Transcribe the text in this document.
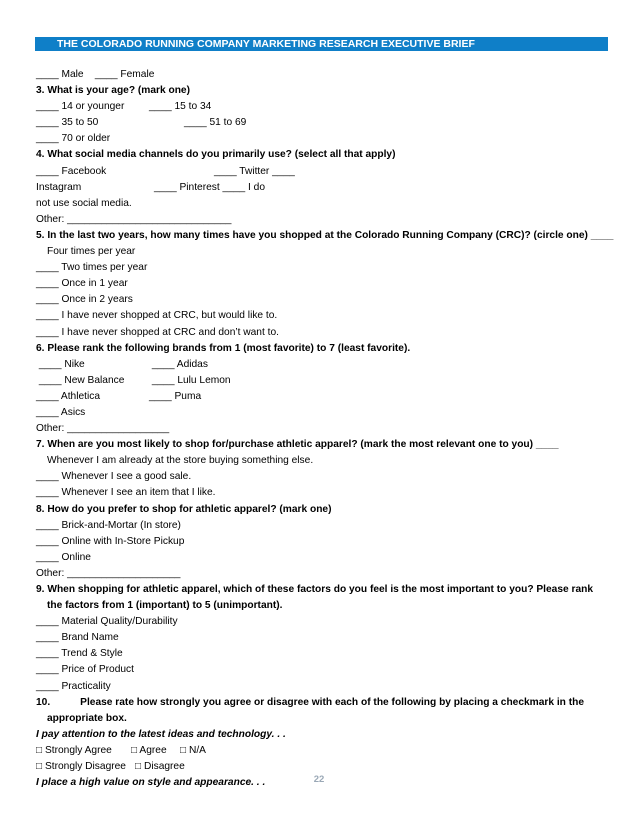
THE COLORADO RUNNING COMPANY MARKETING RESEARCH EXECUTIVE BRIEF
____ Male ____ Female
3. What is your age? (mark one)
____ 14 or younger ____ 15 to 34
____ 35 to 50	____ 51 to 69
____ 70 or older
4. What social media channels do you primarily use? (select all that apply)
____ Facebook	____ Twitter ____
Instagram	____ Pinterest ____ I do
not use social media.
Other: _____________________________
5. In the last two years, how many times have you shopped at the Colorado Running Company (CRC)? (circle one) ____
Four times per year
____ Two times per year
____ Once in 1 year
____ Once in 2 years
____ I have never shopped at CRC, but would like to.
____ I have never shopped at CRC and don’t want to.
6. Please rank the following brands from 1 (most favorite) to 7 (least favorite).
____ Nike	____ Adidas
____ New Balance	____ Lulu Lemon
____ Athletica	____ Puma
____ Asics
Other: __________________
7. When are you most likely to shop for/purchase athletic apparel? (mark the most relevant one to you) ____
Whenever I am already at the store buying something else.
____ Whenever I see a good sale.
____ Whenever I see an item that I like.
8. How do you prefer to shop for athletic apparel? (mark one)
____ Brick-and-Mortar (In store)
____ Online with In-Store Pickup
____ Online
Other: ____________________
9. When shopping for athletic apparel, which of these factors do you feel is the most important to you? Please rank the factors from 1 (important) to 5 (unimportant).
____ Material Quality/Durability
____ Brand Name
____ Trend & Style
____ Price of Product
____ Practicality
10.	Please rate how strongly you agree or disagree with each of the following by placing a checkmark in the appropriate box.
I pay attention to the latest ideas and technology. . .
□ Strongly Agree □ Agree □ N/A
□ Strongly Disagree □ Disagree
I place a high value on style and appearance. . .	22
